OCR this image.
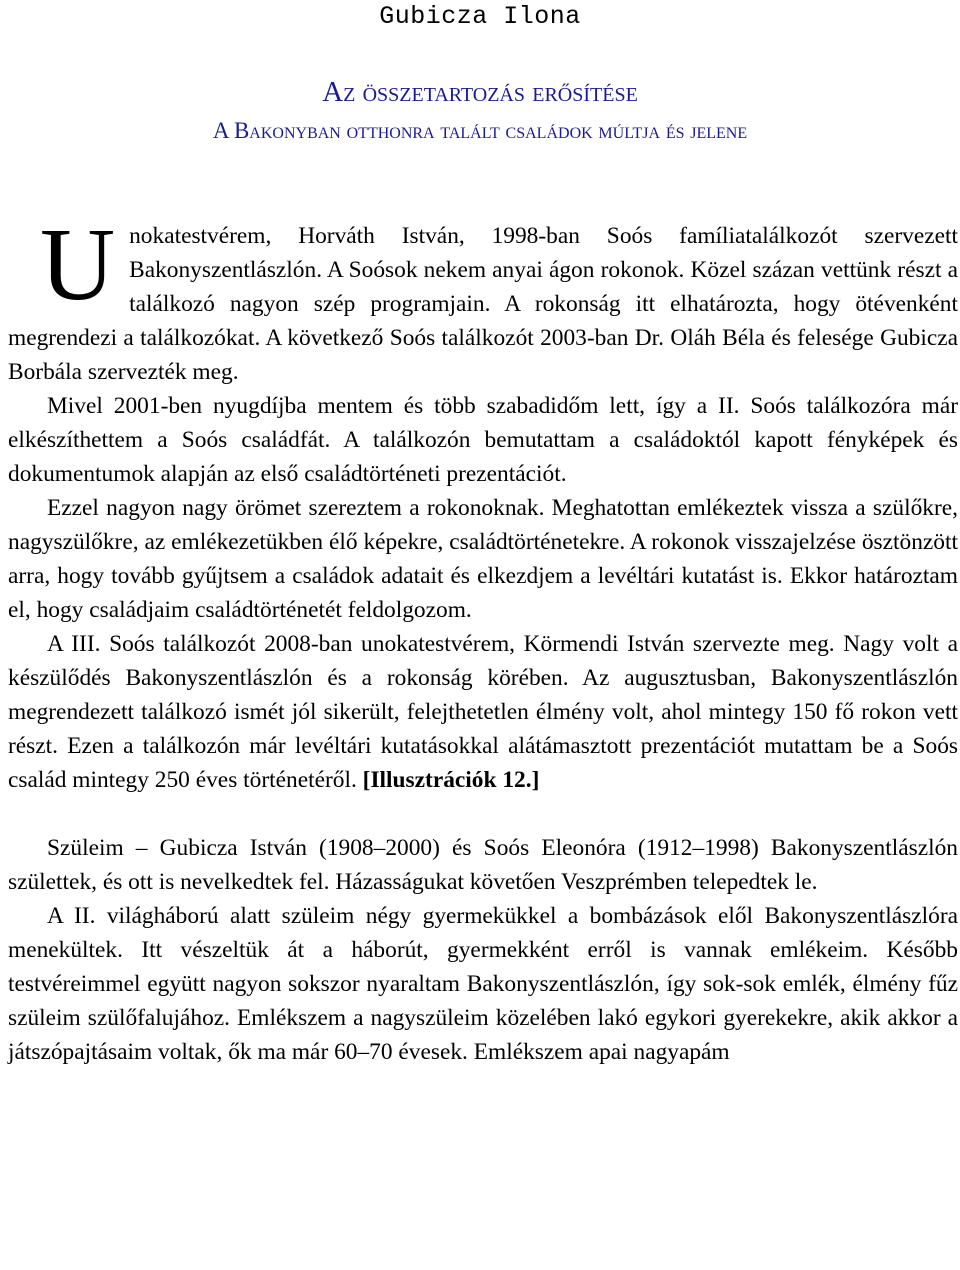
Gubicza Ilona
Az összetartozás erősítése
A Bakonyban otthonra talált családok múltja és jelene

Unokatestvérem, Horváth István, 1998-ban Soós famíliatalálkozót szervezett Bakonyszentlászlón. A Soósok nekem anyai ágon rokonok. Közel százan vettünk részt a találkozó nagyon szép programjain. A rokonság itt elhatározta, hogy ötévenként megrendezi a találkozókat. A következő Soós találkozót 2003-ban Dr. Oláh Béla és felesége Gubicza Borbála szervezték meg.

Mivel 2001-ben nyugdíjba mentem és több szabadidőm lett, így a II. Soós találkozóra már elkészíthettem a Soós családfát. A találkozón bemutattam a családoktól kapott fényképek és dokumentumok alapján az első családtörténeti prezentációt.

Ezzel nagyon nagy örömet szereztem a rokonoknak. Meghatottan emlékeztek vissza a szülőkre, nagyszülőkre, az emlékezetükben élő képekre, családtörténetekre. A rokonok visszajelzése ösztönzött arra, hogy tovább gyűjtsem a családok adatait és elkezdjem a levéltári kutatást is. Ekkor határoztam el, hogy családjaim családtörténetét feldolgozom.

A III. Soós találkozót 2008-ban unokatestvérem, Körmendi István szervezte meg. Nagy volt a készülődés Bakonyszentlászlón és a rokonság körében. Az augusztusban, Bakonyszentlászlón megrendezett találkozó ismét jól sikerült, felejthetetlen élmény volt, ahol mintegy 150 fő rokon vett részt. Ezen a találkozón már levéltári kutatásokkal alátámasztott prezentációt mutattam be a Soós család mintegy 250 éves történetéről. [Illusztrációk 12.]

Szüleim – Gubicza István (1908–2000) és Soós Eleonóra (1912–1998) Bakonyszentlászlón születtek, és ott is nevelkedtek fel. Házasságukat követően Veszprémben telepedtek le.

A II. világháború alatt szüleim négy gyermekükkel a bombázások elől Bakonyszentlászlóra menekültek. Itt vészeltük át a háborút, gyermekként erről is vannak emlékeim. Később testvéreimmel együtt nagyon sokszor nyaraltam Bakonyszentlászlón, így sok-sok emlék, élmény fűz szüleim szülőfalujához. Emlékszem a nagyszüleim közelében lakó egykori gyerekekre, akik akkor a játszópajtásaim voltak, ők ma már 60–70 évesek. Emlékszem apai nagyapám
